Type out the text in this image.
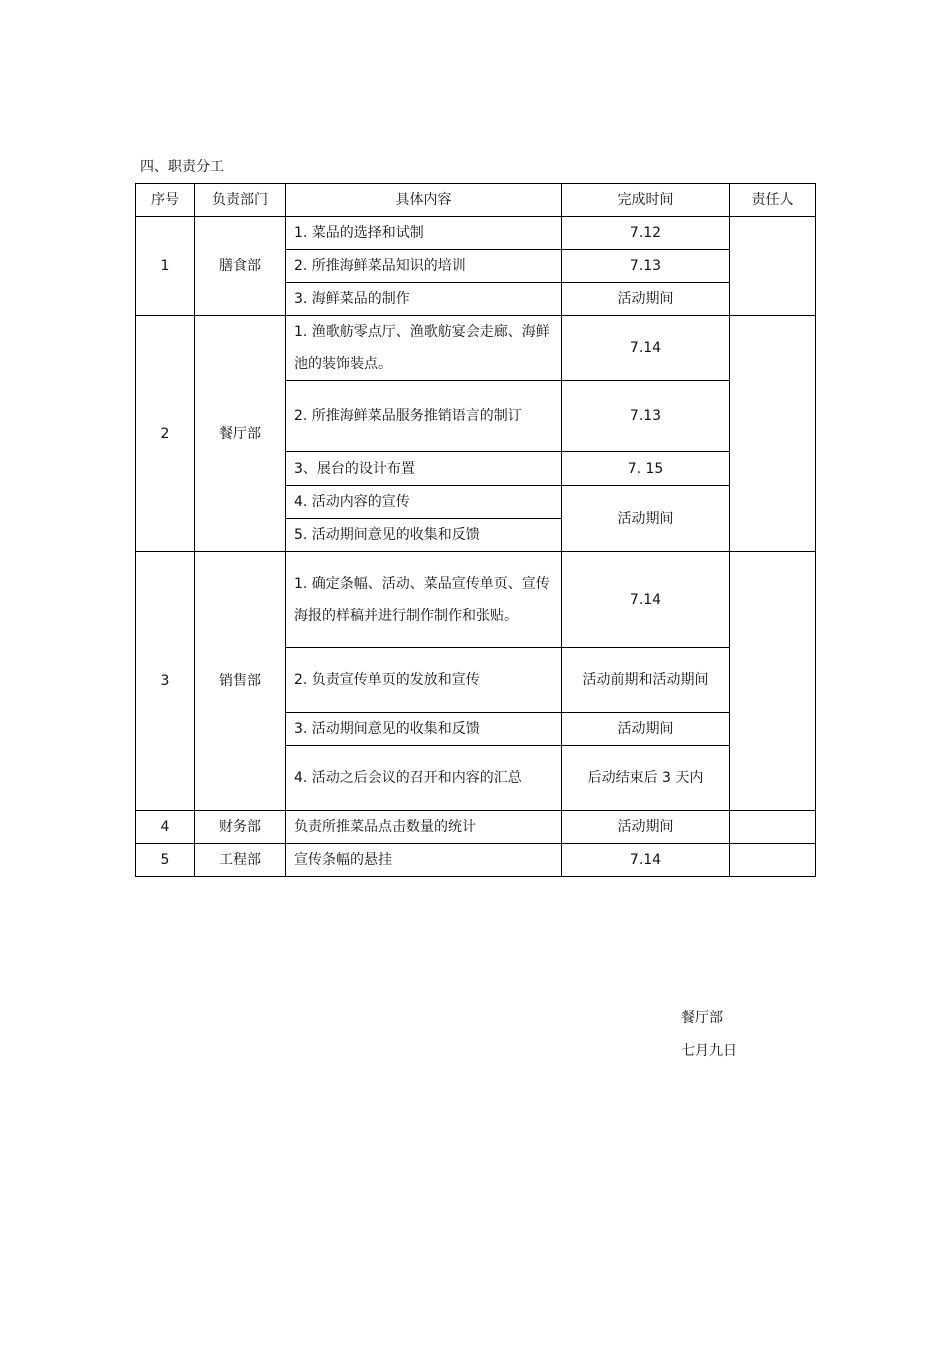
四、职责分工
序号	负责部门	具体内容	完成时间	责任人
1	膳食部	1. 菜品的选择和试制	7.12	
		2. 所推海鲜菜品知识的培训	7.13	
		3. 海鲜菜品的制作	活动期间	
2	餐厅部	1. 渔歌舫零点厅、渔歌舫宴会走廊、海鲜池的装饰装点。	7.14	
		2. 所推海鲜菜品服务推销语言的制订	7.13	
		3、展台的设计布置	7. 15	
		4. 活动内容的宣传	活动期间	
		5. 活动期间意见的收集和反馈		
3	销售部	1. 确定条幅、活动、菜品宣传单页、宣传海报的样稿并进行制作制作和张贴。	7.14	
		2. 负责宣传单页的发放和宣传	活动前期和活动期间	
		3. 活动期间意见的收集和反馈	活动期间	
		4. 活动之后会议的召开和内容的汇总	后动结束后 3 天内	
4	财务部	负责所推菜品点击数量的统计	活动期间	
5	工程部	宣传条幅的悬挂	7.14	
餐厅部
七月九日
